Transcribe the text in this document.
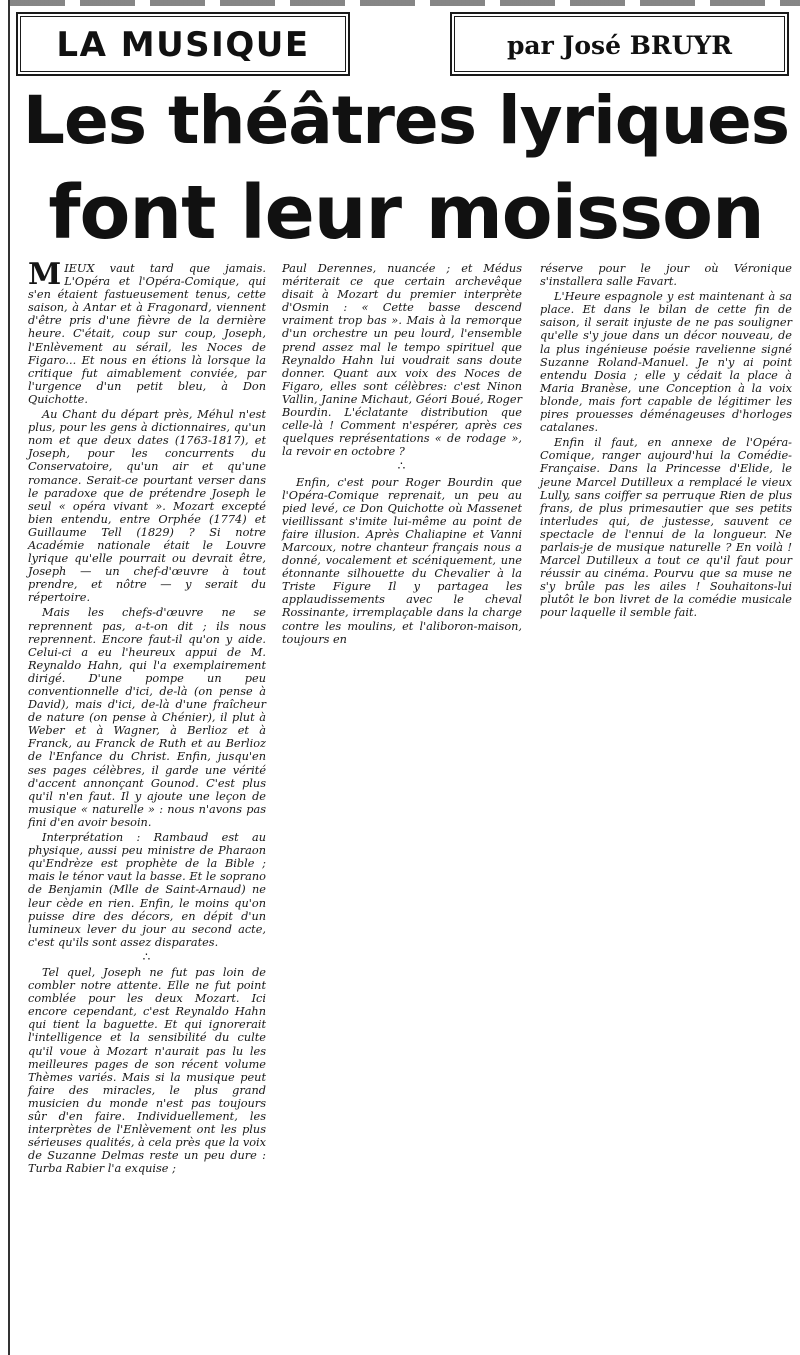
LA MUSIQUE	par José BRUYR
Les théâtres lyriques
font leur moisson

MIEUX vaut tard que jamais. L'Opéra et l'Opéra-Comique, qui s'en étaient fastueusement tenus, cette saison, à Antar et à Fragonard, viennent d'être pris d'une fièvre de la dernière heure. C'était, coup sur coup, Joseph, l'Enlèvement au sérail, les Noces de Figaro... Et nous en étions là lorsque la critique fut aimablement conviée, par l'urgence d'un petit bleu, à Don Quichotte.

Au Chant du départ près, Méhul n'est plus, pour les gens à dictionnaires, qu'un nom et que deux dates (1763-1817), et Joseph, pour les concurrents du Conservatoire, qu'un air et qu'une romance. Serait-ce pourtant verser dans le paradoxe que de prétendre Joseph le seul « opéra vivant ». Mozart excepté bien entendu, entre Orphée (1774) et Guillaume Tell (1829) ? Si notre Académie nationale était le Louvre lyrique qu'elle pourrait ou devrait être, Joseph — un chef-d'œuvre à tout prendre, et nôtre — y serait du répertoire.

Mais les chefs-d'œuvre ne se reprennent pas, a-t-on dit ; ils nous reprennent. Encore faut-il qu'on y aide. Celui-ci a eu l'heureux appui de M. Reynaldo Hahn, qui l'a exemplairement dirigé. D'une pompe un peu conventionnelle d'ici, de-là (on pense à David), mais d'ici, de-là d'une fraîcheur de nature (on pense à Chénier), il plut à Weber et à Wagner, à Berlioz et à Franck, au Franck de Ruth et au Berlioz de l'Enfance du Christ. Enfin, jusqu'en ses pages célèbres, il garde une vérité d'accent annonçant Gounod. C'est plus qu'il n'en faut. Il y ajoute une leçon de musique « naturelle » : nous n'avons pas fini d'en avoir besoin.

Interprétation : Rambaud est au physique, aussi peu ministre de Pharaon qu'Endrèze est prophète de la Bible ; mais le ténor vaut la basse. Et le soprano de Benjamin (Mlle de Saint-Arnaud) ne leur cède en rien. Enfin, le moins qu'on puisse dire des décors, en dépit d'un lumineux lever du jour au second acte, c'est qu'ils sont assez disparates.

∴

Tel quel, Joseph ne fut pas loin de combler notre attente. Elle ne fut point comblée pour les deux Mozart. Ici encore cependant, c'est Reynaldo Hahn qui tient la baguette. Et qui ignorerait l'intelligence et la sensibilité du culte qu'il voue à Mozart n'aurait pas lu les meilleures pages de son récent volume Thèmes variés. Mais si la musique peut faire des miracles, le plus grand musicien du monde n'est pas toujours sûr d'en faire. Individuellement, les interprètes de l'Enlèvement ont les plus sérieuses qualités, à cela près que la voix de Suzanne Delmas reste un peu dure : Turba Rabier l'a exquise ;

Paul Derennes, nuancée ; et Médus mériterait ce que certain archevêque disait à Mozart du premier interprète d'Osmin : « Cette basse descend vraiment trop bas ». Mais à la remorque d'un orchestre un peu lourd, l'ensemble prend assez mal le tempo spirituel que Reynaldo Hahn lui voudrait sans doute donner. Quant aux voix des Noces de Figaro, elles sont célèbres: c'est Ninon Vallin, Janine Michaut, Géori Boué, Roger Bourdin. L'éclatante distribution que celle-là ! Comment n'espérer, après ces quelques représentations « de rodage », la revoir en octobre ?

∴

Enfin, c'est pour Roger Bourdin que l'Opéra-Comique reprenait, un peu au pied levé, ce Don Quichotte où Massenet vieillissant s'imite lui-même au point de faire illusion. Après Chaliapine et Vanni Marcoux, notre chanteur français nous a donné, vocalement et scéniquement, une étonnante silhouette du Chevalier à la Triste Figure Il y partagea les applaudissements avec le cheval Rossinante, irremplaçable dans la charge contre les moulins, et l'aliboron-maison, toujours en

réserve pour le jour où Véronique s'installera salle Favart.

L'Heure espagnole y est maintenant à sa place. Et dans le bilan de cette fin de saison, il serait injuste de ne pas souligner qu'elle s'y joue dans un décor nouveau, de la plus ingénieuse poésie ravelienne signé Suzanne Roland-Manuel. Je n'y ai point entendu Dosia ; elle y cédait la place à Maria Branèse, une Conception à la voix blonde, mais fort capable de légitimer les pires prouesses déménageuses d'horloges catalanes.

Enfin il faut, en annexe de l'Opéra-Comique, ranger aujourd'hui la Comédie-Française. Dans la Princesse d'Elide, le jeune Marcel Dutilleux a remplacé le vieux Lully, sans coiffer sa perruque Rien de plus frans, de plus primesautier que ses petits interludes qui, de justesse, sauvent ce spectacle de l'ennui de la longueur. Ne parlais-je de musique naturelle ? En voilà ! Marcel Dutilleux a tout ce qu'il faut pour réussir au cinéma. Pourvu que sa muse ne s'y brûle pas les ailes ! Souhaitons-lui plutôt le bon livret de la comédie musicale pour laquelle il semble fait.
